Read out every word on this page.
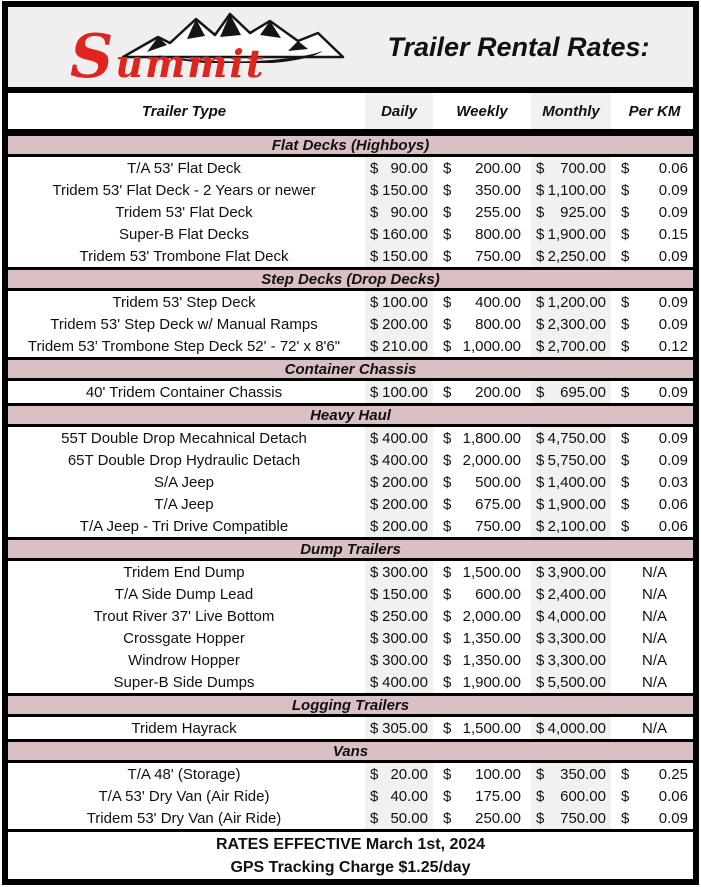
Summit	Trailer Rental Rates:
Trailer Type	Daily	Weekly	Monthly	Per KM
Flat Decks (Highboys)
T/A 53' Flat Deck	$ 90.00 $ 200.00 $ 700.00 $ 0.06
Tridem 53' Flat Deck - 2 Years or newer	$ 150.00 $ 350.00 $ 1,100.00 $ 0.09
Tridem 53' Flat Deck	$ 90.00 $ 255.00 $ 925.00 $ 0.09
Super-B Flat Decks	$ 160.00 $ 800.00 $ 1,900.00 $ 0.15
Tridem 53' Trombone Flat Deck	$ 150.00 $ 750.00 $ 2,250.00 $ 0.09
Step Decks (Drop Decks)
Tridem 53' Step Deck	$ 100.00 $ 400.00 $ 1,200.00 $ 0.09
Tridem 53' Step Deck w/ Manual Ramps	$ 200.00 $ 800.00 $ 2,300.00 $ 0.09
Tridem 53' Trombone Step Deck 52' - 72' x 8'6"	$ 210.00 $ 1,000.00 $ 2,700.00 $ 0.12
Container Chassis
40' Tridem Container Chassis	$ 100.00 $ 200.00 $ 695.00 $ 0.09
Heavy Haul
55T Double Drop Mecahnical Detach	$ 400.00 $ 1,800.00 $ 4,750.00 $ 0.09
65T Double Drop Hydraulic Detach	$ 400.00 $ 2,000.00 $ 5,750.00 $ 0.09
S/A Jeep	$ 200.00 $ 500.00 $ 1,400.00 $ 0.03
T/A Jeep	$ 200.00 $ 675.00 $ 1,900.00 $ 0.06
T/A Jeep - Tri Drive Compatible	$ 200.00 $ 750.00 $ 2,100.00 $ 0.06
Dump Trailers
Tridem End Dump	$ 300.00 $ 1,500.00 $ 3,900.00 N/A
T/A Side Dump Lead	$ 150.00 $ 600.00 $ 2,400.00 N/A
Trout River 37' Live Bottom	$ 250.00 $ 2,000.00 $ 4,000.00 N/A
Crossgate Hopper	$ 300.00 $ 1,350.00 $ 3,300.00 N/A
Windrow Hopper	$ 300.00 $ 1,350.00 $ 3,300.00 N/A
Super-B Side Dumps	$ 400.00 $ 1,900.00 $ 5,500.00 N/A
Logging Trailers
Tridem Hayrack	$ 305.00 $ 1,500.00 $ 4,000.00 N/A
Vans
T/A 48' (Storage)	$ 20.00 $ 100.00 $ 350.00 $ 0.25
T/A 53' Dry Van (Air Ride)	$ 40.00 $ 175.00 $ 600.00 $ 0.06
Tridem 53' Dry Van (Air Ride)	$ 50.00 $ 250.00 $ 750.00 $ 0.09
RATES EFFECTIVE March 1st, 2024
GPS Tracking Charge $1.25/day
